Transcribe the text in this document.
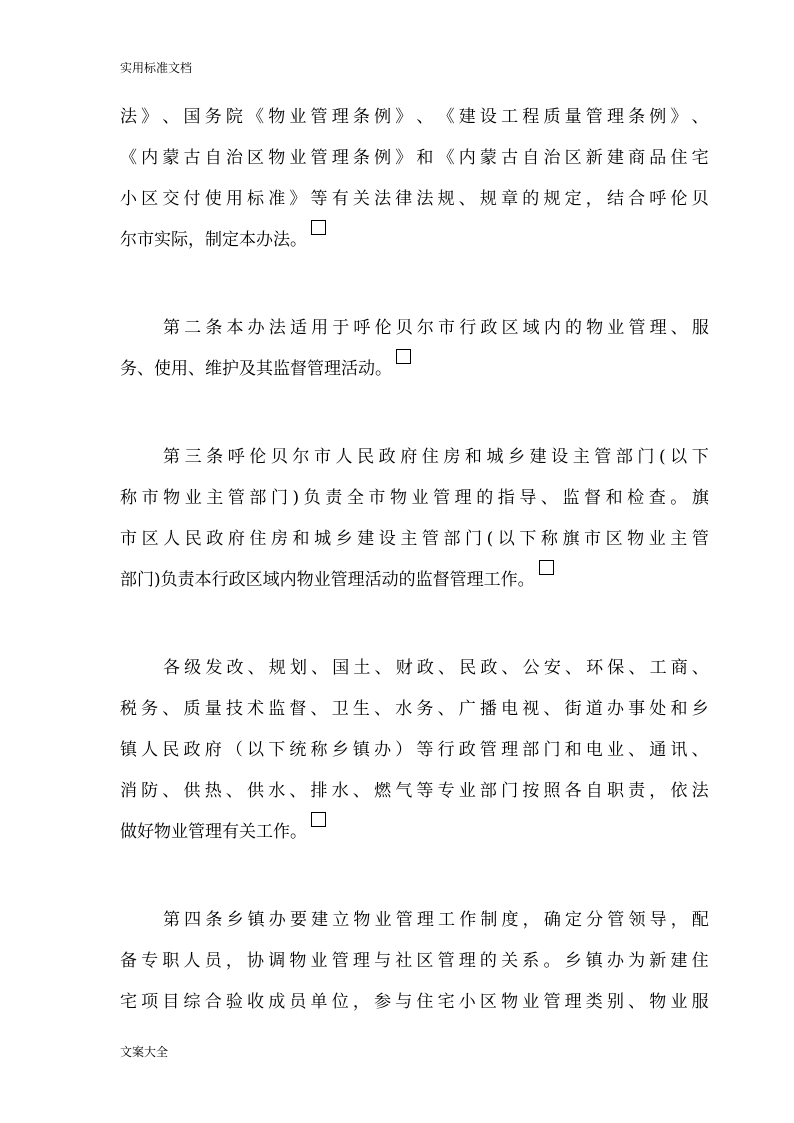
实用标准文档
法 》 、 国 务 院 《 物 业 管 理 条 例 》 、 《 建 设 工 程 质 量 管 理 条 例 》 、
《 内 蒙 古 自 治 区 物 业 管 理 条 例 》 和 《 内 蒙 古 自 治 区 新 建 商 品 住 宅
小 区 交 付 使 用 标 准 》 等 有 关 法 律 法 规 、 规 章 的 规 定 ， 结 合 呼 伦 贝
尔市实际，制定本办法。
第 二 条 本 办 法 适 用 于 呼 伦 贝 尔 市 行 政 区 域 内 的 物 业 管 理 、 服
务、使用、维护及其监督管理活动。
第 三 条 呼 伦 贝 尔 市 人 民 政 府 住 房 和 城 乡 建 设 主 管 部 门 ( 以 下
称 市 物 业 主 管 部 门 ) 负 责 全 市 物 业 管 理 的 指 导 、 监 督 和 检 查 。 旗
市 区 人 民 政 府 住 房 和 城 乡 建 设 主 管 部 门 ( 以 下 称 旗 市 区 物 业 主 管
部门)负责本行政区域内物业管理活动的监督管理工作。
各 级 发 改 、 规 划 、 国 土 、 财 政 、 民 政 、 公 安 、 环 保 、 工 商 、
税 务 、 质 量 技 术 监 督 、 卫 生 、 水 务 、 广 播 电 视 、 街 道 办 事 处 和 乡
镇 人 民 政 府 （ 以 下 统 称 乡 镇 办 ） 等 行 政 管 理 部 门 和 电 业 、 通 讯 、
消 防 、 供 热 、 供 水 、 排 水 、 燃 气 等 专 业 部 门 按 照 各 自 职 责 ， 依 法
做好物业管理有关工作。
第 四 条 乡 镇 办 要 建 立 物 业 管 理 工 作 制 度 ， 确 定 分 管 领 导 ， 配
备 专 职 人 员 ， 协 调 物 业 管 理 与 社 区 管 理 的 关 系 。 乡 镇 办 为 新 建 住
宅 项 目 综 合 验 收 成 员 单 位 ， 参 与 住 宅 小 区 物 业 管 理 类 别 、 物 业 服
文案大全
